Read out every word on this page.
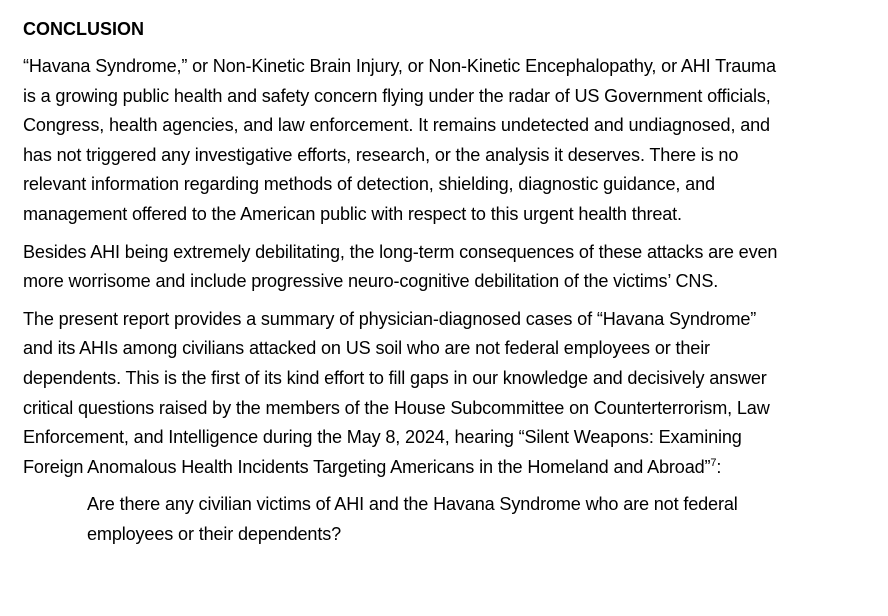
CONCLUSION
“Havana Syndrome,” or Non-Kinetic Brain Injury, or Non-Kinetic Encephalopathy, or AHI Trauma
is a growing public health and safety concern flying under the radar of US Government officials,
Congress, health agencies, and law enforcement. It remains undetected and undiagnosed, and
has not triggered any investigative efforts, research, or the analysis it deserves. There is no
relevant information regarding methods of detection, shielding, diagnostic guidance, and
management offered to the American public with respect to this urgent health threat.
Besides AHI being extremely debilitating, the long-term consequences of these attacks are even
more worrisome and include progressive neuro-cognitive debilitation of the victims’ CNS.
The present report provides a summary of physician-diagnosed cases of “Havana Syndrome”
and its AHIs among civilians attacked on US soil who are not federal employees or their
dependents. This is the first of its kind effort to fill gaps in our knowledge and decisively answer
critical questions raised by the members of the House Subcommittee on Counterterrorism, Law
Enforcement, and Intelligence during the May 8, 2024, hearing “Silent Weapons: Examining
Foreign Anomalous Health Incidents Targeting Americans in the Homeland and Abroad”$^7$:
Are there any civilian victims of AHI and the Havana Syndrome who are not federal
employees or their dependents?
